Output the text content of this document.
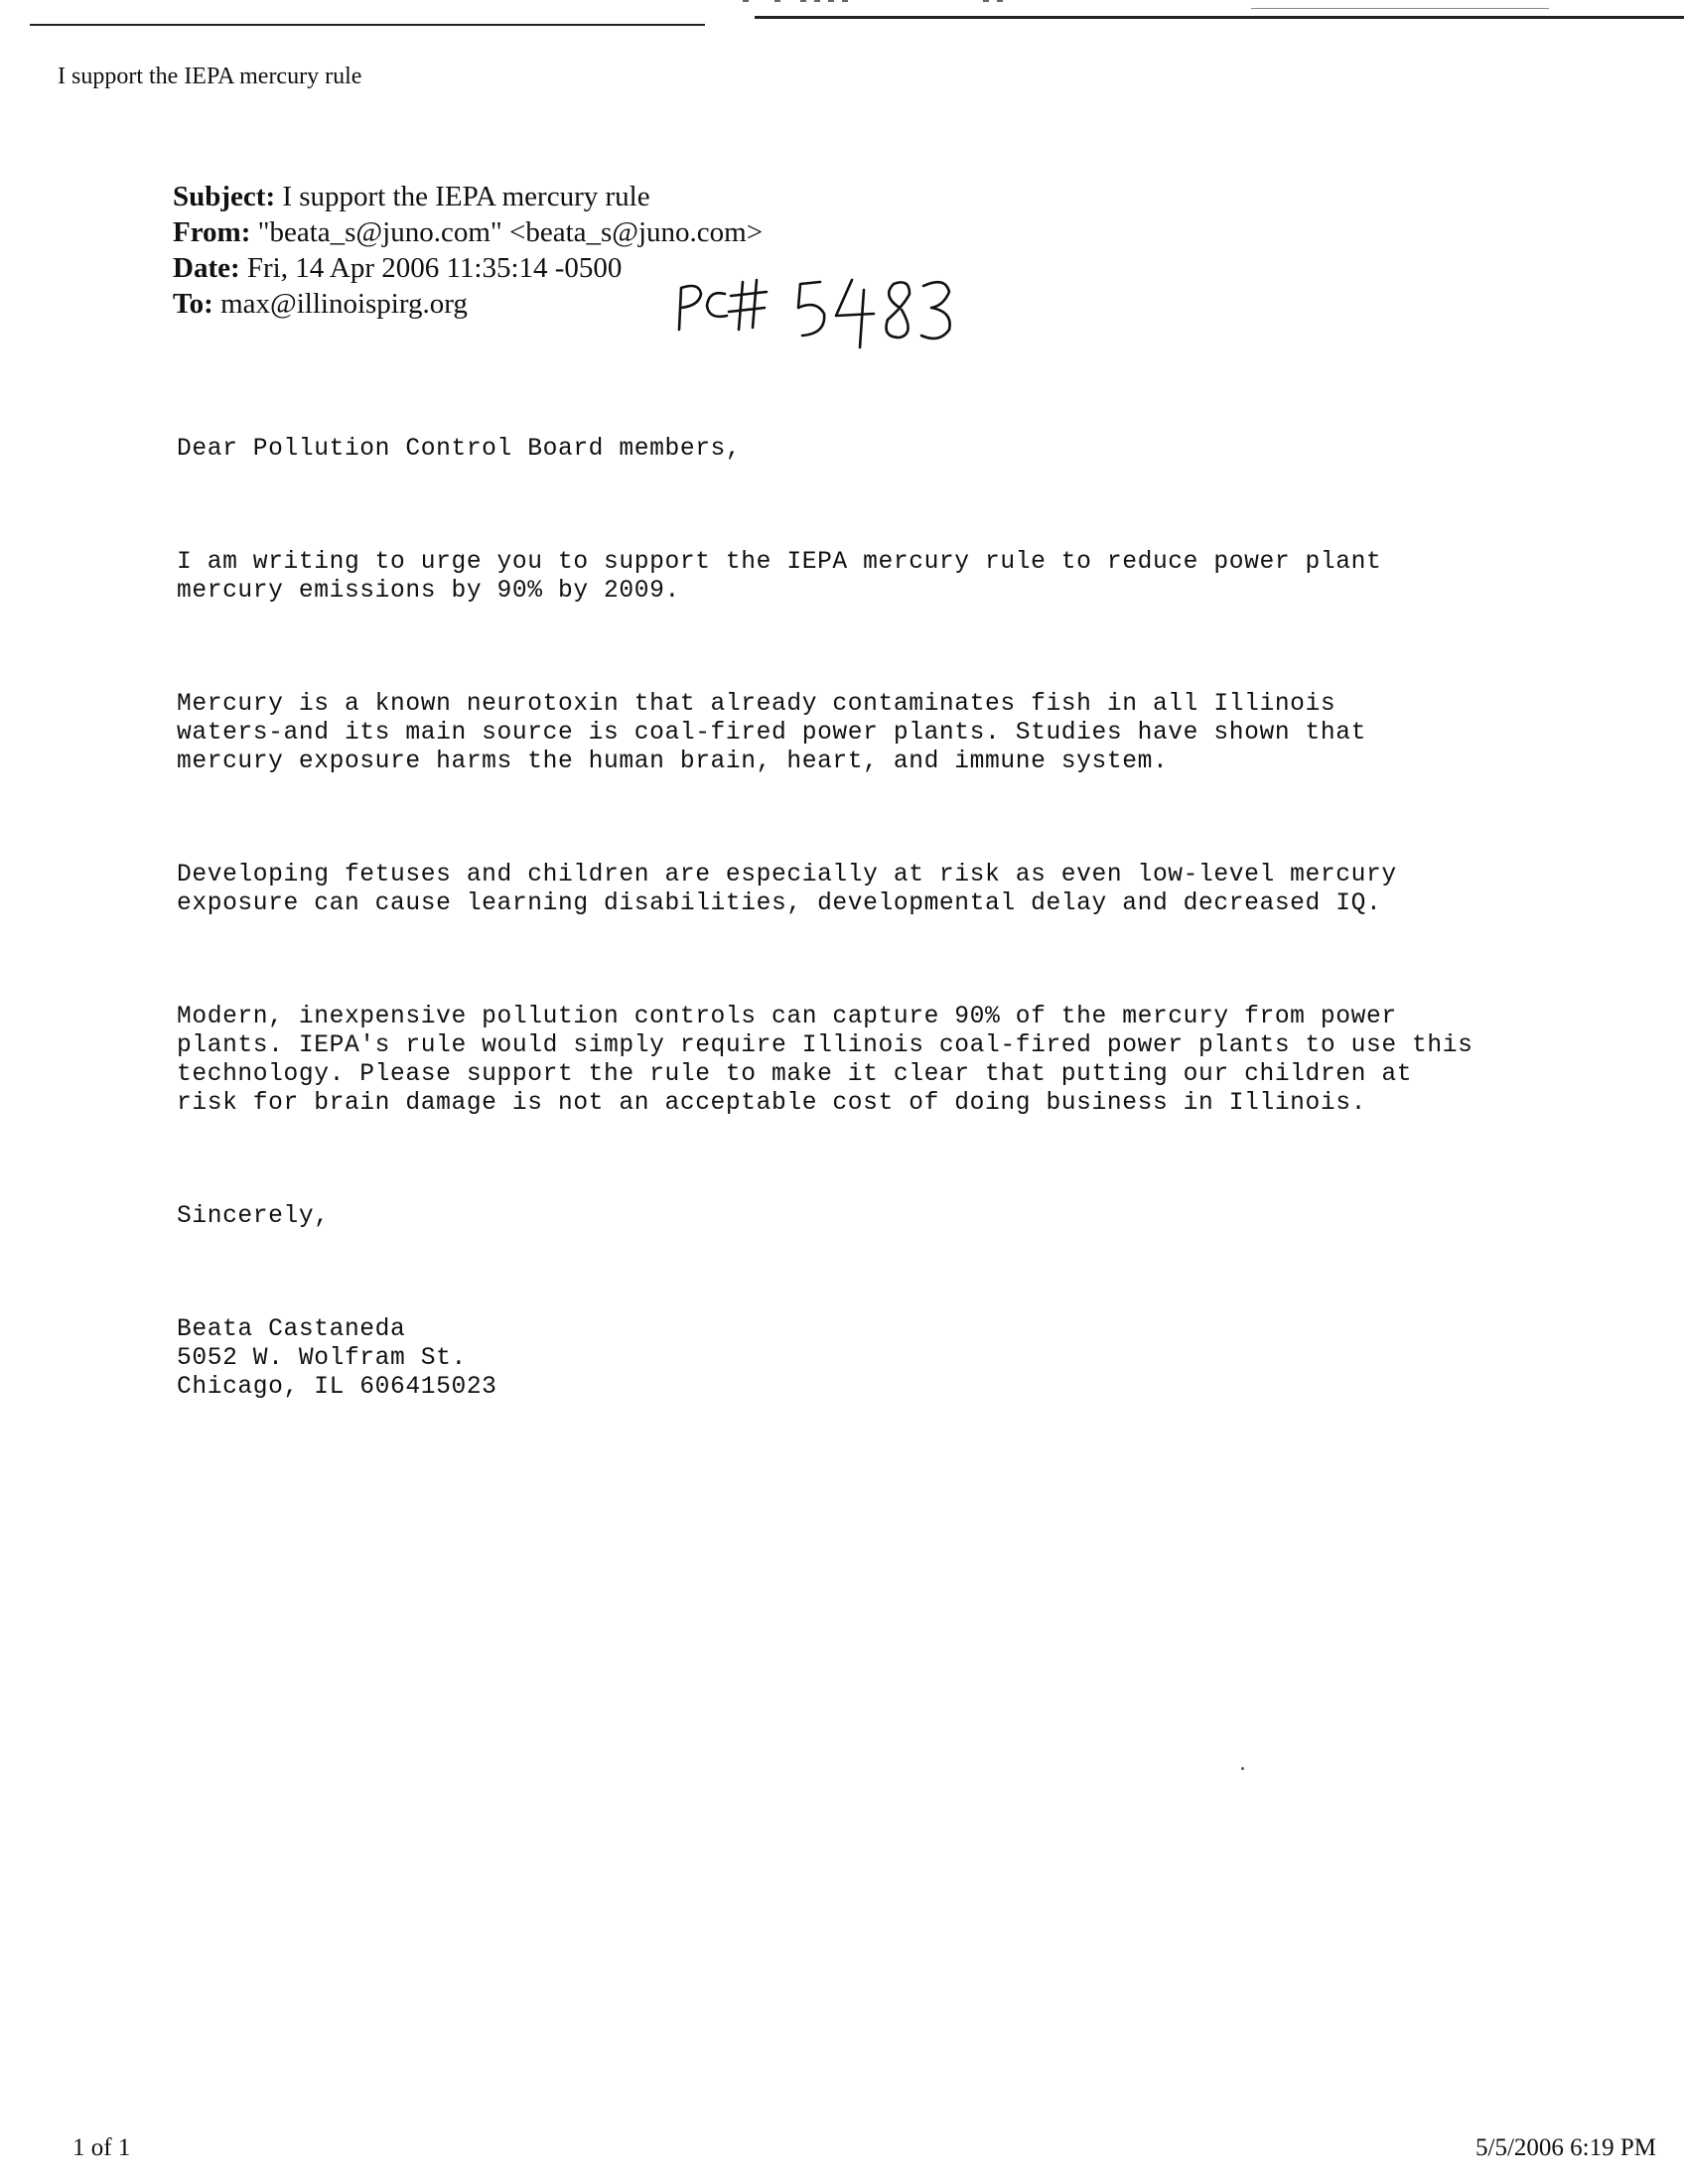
I support the IEPA mercury rule
Subject: I support the IEPA mercury rule
From: "beata_s@juno.com" <beata_s@juno.com>
Date: Fri, 14 Apr 2006 11:35:14 -0500
To: max@illinoispirg.org

Dear Pollution Control Board members,

I am writing to urge you to support the IEPA mercury rule to reduce power plant
mercury emissions by 90% by 2009.

Mercury is a known neurotoxin that already contaminates fish in all Illinois
waters-and its main source is coal-fired power plants. Studies have shown that
mercury exposure harms the human brain, heart, and immune system.

Developing fetuses and children are especially at risk as even low-level mercury
exposure can cause learning disabilities, developmental delay and decreased IQ.

Modern, inexpensive pollution controls can capture 90% of the mercury from power
plants. IEPA's rule would simply require Illinois coal-fired power plants to use this
technology. Please support the rule to make it clear that putting our children at
risk for brain damage is not an acceptable cost of doing business in Illinois.

Sincerely,

Beata Castaneda
5052 W. Wolfram St.
Chicago, IL 606415023

1 of 1	5/5/2006 6:19 PM
